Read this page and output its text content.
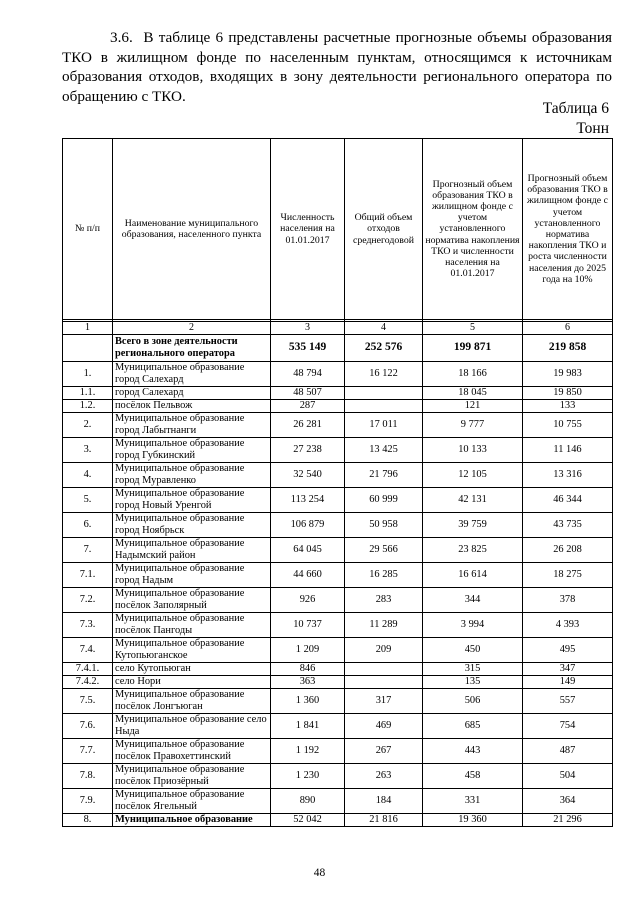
3.6. В таблице 6 представлены расчетные прогнозные объемы образования ТКО в жилищном фонде по населенным пунктам, относящимся к источникам образования отходов, входящих в зону деятельности регионального оператора по обращению с ТКО.

Таблица 6
Тонн
№ п/п	Наименование муниципального образования, населенного пункта	Численность населения на 01.01.2017	Общий объем отходов среднегодовой	Прогнозный объем образования ТКО в жилищном фонде с учетом установленного норматива накопления ТКО и численности населения на 01.01.2017	Прогнозный объем образования ТКО в жилищном фонде с учетом установленного норматива накопления ТКО и роста численности населения до 2025 года на 10%

1	2	3	4	5	6
	Всего в зоне деятельности регионального оператора	535 149	252 576	199 871	219 858
1.	Муниципальное образование город Салехард	48 794	16 122	18 166	19 983
1.1.	город Салехард	48 507		18 045	19 850
1.2.	посёлок Пельвож	287		121	133
2.	Муниципальное образование город Лабытнанги	26 281	17 011	9 777	10 755
3.	Муниципальное образование город Губкинский	27 238	13 425	10 133	11 146
4.	Муниципальное образование город Муравленко	32 540	21 796	12 105	13 316
5.	Муниципальное образование город Новый Уренгой	113 254	60 999	42 131	46 344
6.	Муниципальное образование город Ноябрьск	106 879	50 958	39 759	43 735
7.	Муниципальное образование Надымский район	64 045	29 566	23 825	26 208
7.1.	Муниципальное образование город Надым	44 660	16 285	16 614	18 275
7.2.	Муниципальное образование посёлок Заполярный	926	283	344	378
7.3.	Муниципальное образование посёлок Пангоды	10 737	11 289	3 994	4 393
7.4.	Муниципальное образование Кутопьюганское	1 209	209	450	495
7.4.1.	село Кутопьюган	846		315	347
7.4.2.	село Нори	363		135	149
7.5.	Муниципальное образование посёлок Лонгъюган	1 360	317	506	557
7.6.	Муниципальное образование село Ныда	1 841	469	685	754
7.7.	Муниципальное образование посёлок Правохеттинский	1 192	267	443	487
7.8.	Муниципальное образование посёлок Приозёрный	1 230	263	458	504
7.9.	Муниципальное образование посёлок Ягельный	890	184	331	364
8.	Муниципальное образование	52 042	21 816	19 360	21 296
48
